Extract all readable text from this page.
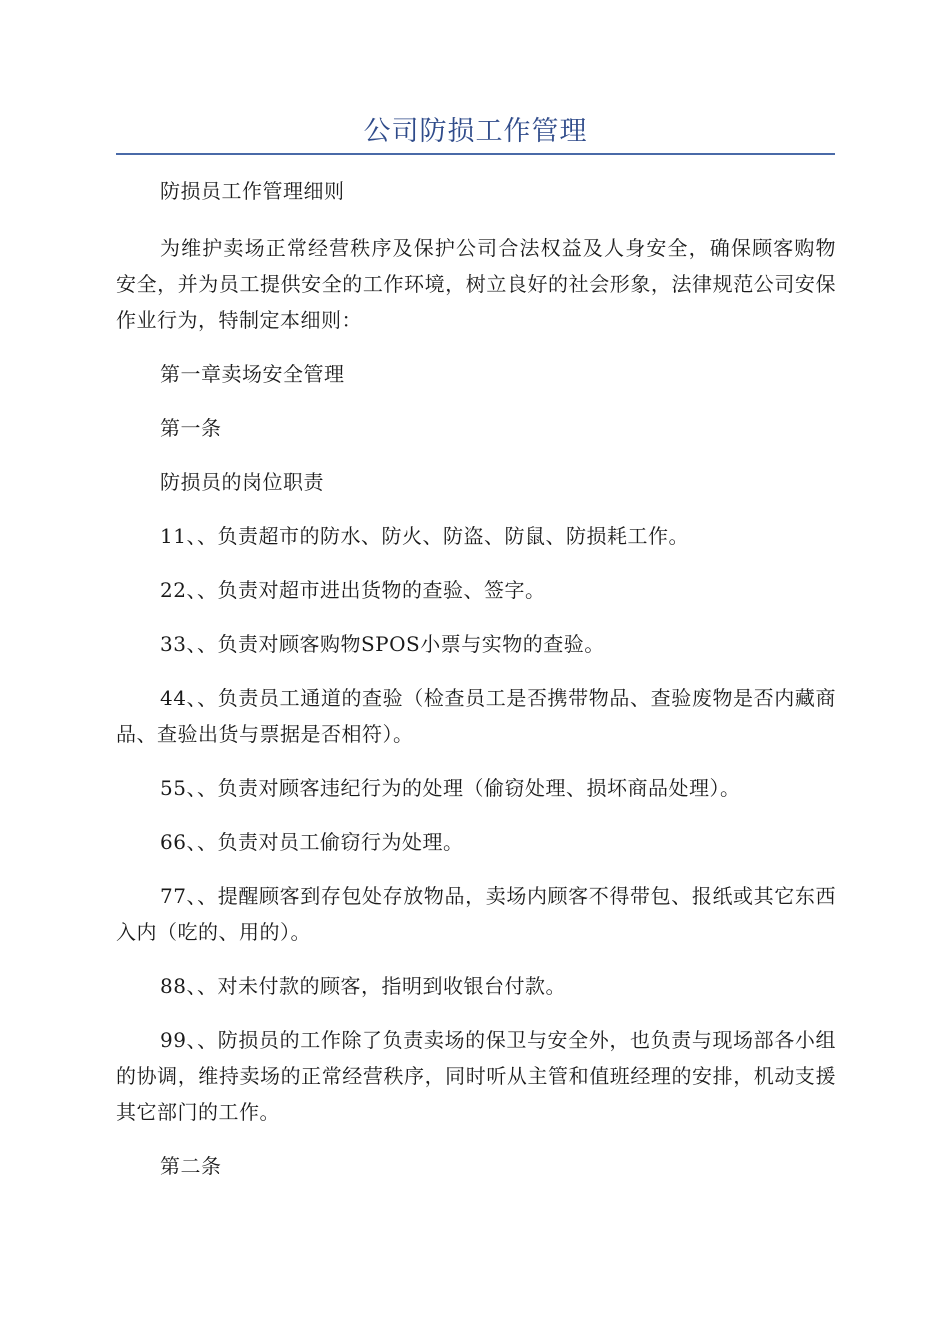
公司防损工作管理

防损员工作管理细则

为维护卖场正常经营秩序及保护公司合法权益及人身安全，确保顾客购物安全，并为员工提供安全的工作环境，树立良好的社会形象，法律规范公司安保作业行为，特制定本细则：

第一章卖场安全管理

第一条

防损员的岗位职责

11、、负责超市的防水、防火、防盗、防鼠、防损耗工作。

22、、负责对超市进出货物的查验、签字。

33、、负责对顾客购物SPOS小票与实物的查验。

44、、负责员工通道的查验（检查员工是否携带物品、查验废物是否内藏商品、查验出货与票据是否相符）。

55、、负责对顾客违纪行为的处理（偷窃处理、损坏商品处理）。

66、、负责对员工偷窃行为处理。

77、、提醒顾客到存包处存放物品，卖场内顾客不得带包、报纸或其它东西入内（吃的、用的）。

88、、对未付款的顾客，指明到收银台付款。

99、、防损员的工作除了负责卖场的保卫与安全外，也负责与现场部各小组的协调，维持卖场的正常经营秩序，同时听从主管和值班经理的安排，机动支援其它部门的工作。

第二条
